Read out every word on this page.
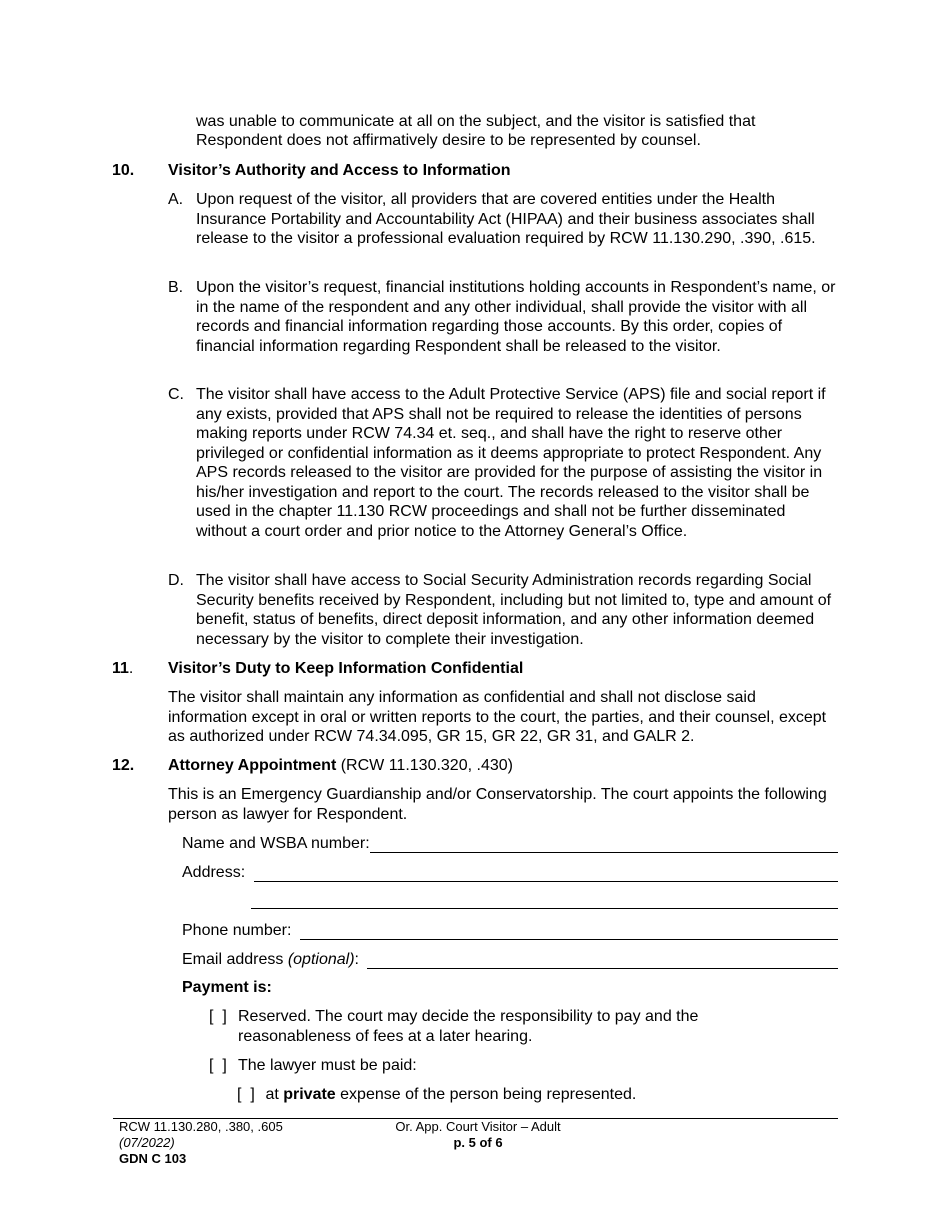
was unable to communicate at all on the subject, and the visitor is satisfied that

Respondent does not affirmatively desire to be represented by counsel.

10. Visitor’s Authority and Access to Information
A. Upon request of the visitor, all providers that are covered entities under the Health Insurance Portability and Accountability Act (HIPAA) and their business associates shall release to the visitor a professional evaluation required by RCW 11.130.290, .390, .615.

B. Upon the visitor’s request, financial institutions holding accounts in Respondent’s name, or in the name of the respondent and any other individual, shall provide the visitor with all records and financial information regarding those accounts. By this order, copies of financial information regarding Respondent shall be released to the visitor.

C. The visitor shall have access to the Adult Protective Service (APS) file and social report if any exists, provided that APS shall not be required to release the identities of persons making reports under RCW 74.34 et. seq., and shall have the right to reserve other privileged or confidential information as it deems appropriate to protect Respondent. Any APS records released to the visitor are provided for the purpose of assisting the visitor in his/her investigation and report to the court. The records released to the visitor shall be used in the chapter 11.130 RCW proceedings and shall not be further disseminated without a court order and prior notice to the Attorney General’s Office.

D. The visitor shall have access to Social Security Administration records regarding Social Security benefits received by Respondent, including but not limited to, type and amount of benefit, status of benefits, direct deposit information, and any other information deemed necessary by the visitor to complete their investigation.

11. Visitor’s Duty to Keep Information Confidential

The visitor shall maintain any information as confidential and shall not disclose said information except in oral or written reports to the court, the parties, and their counsel, except as authorized under RCW 74.34.095, GR 15, GR 22, GR 31, and GALR 2.

12. Attorney Appointment (RCW 11.130.320, .430)

This is an Emergency Guardianship and/or Conservatorship. The court appoints the following person as lawyer for Respondent.

Name and WSBA number:
Address:
Phone number:
Email address (optional):
Payment is:
[  ] Reserved. The court may decide the responsibility to pay and the

reasonableness of fees at a later hearing.

[  ] The lawyer must be paid:

[  ] at private expense of the person being represented.

RCW 11.130.280, .380, .605
(07/2022)
GDN C 103
Or. App. Court Visitor – Adult
p. 5 of 6
